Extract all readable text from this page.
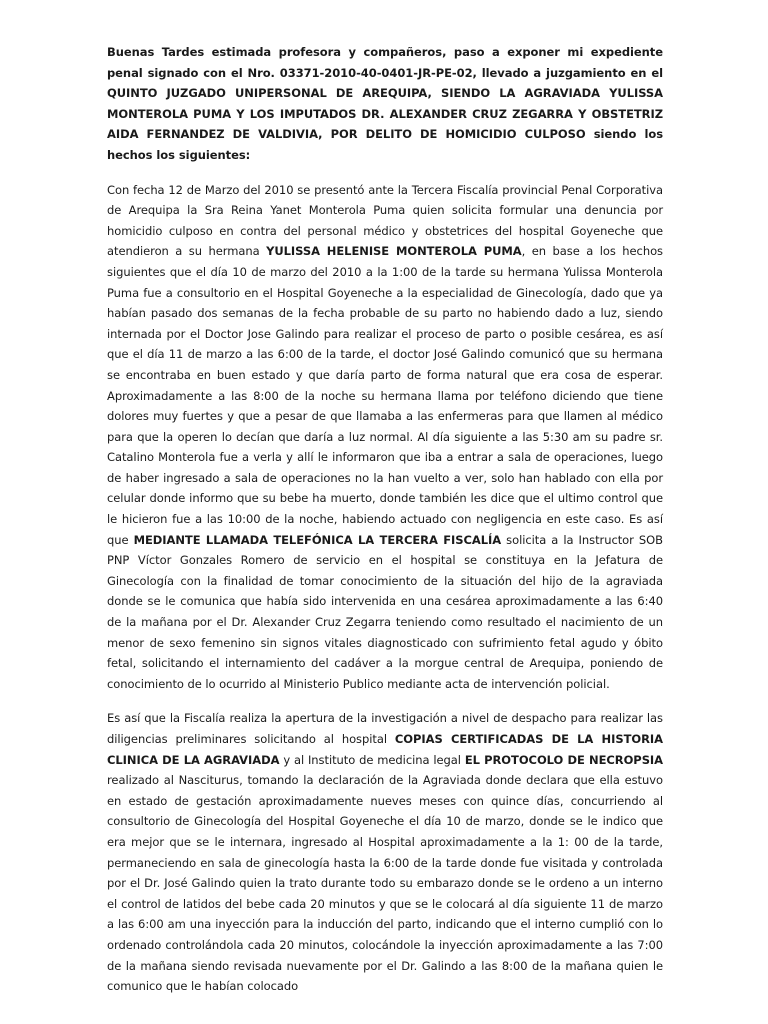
Buenas Tardes estimada profesora y compañeros, paso a exponer mi expediente penal signado con el Nro. 03371-2010-40-0401-JR-PE-02, llevado a juzgamiento en el QUINTO JUZGADO UNIPERSONAL DE AREQUIPA, SIENDO LA AGRAVIADA YULISSA MONTEROLA PUMA Y LOS IMPUTADOS DR. ALEXANDER CRUZ ZEGARRA Y OBSTETRIZ AIDA FERNANDEZ DE VALDIVIA, POR DELITO DE HOMICIDIO CULPOSO siendo los hechos los siguientes:

Con fecha 12 de Marzo del 2010 se presentó ante la Tercera Fiscalía provincial Penal Corporativa de Arequipa la Sra Reina Yanet Monterola Puma quien solicita formular una denuncia por homicidio culposo en contra del personal médico y obstetrices del hospital Goyeneche que atendieron a su hermana YULISSA HELENISE MONTEROLA PUMA, en base a los hechos siguientes que el día 10 de marzo del 2010 a la 1:00 de la tarde su hermana Yulissa Monterola Puma fue a consultorio en el Hospital Goyeneche a la especialidad de Ginecología, dado que ya habían pasado dos semanas de la fecha probable de su parto no habiendo dado a luz, siendo internada por el Doctor Jose Galindo para realizar el proceso de parto o posible cesárea, es así que el día 11 de marzo a las 6:00 de la tarde, el doctor José Galindo comunicó que su hermana se encontraba en buen estado y que daría parto de forma natural que era cosa de esperar. Aproximadamente a las 8:00 de la noche su hermana llama por teléfono diciendo que tiene dolores muy fuertes y que a pesar de que llamaba a las enfermeras para que llamen al médico para que la operen lo decían que daría a luz normal. Al día siguiente a las 5:30 am su padre sr. Catalino Monterola fue a verla y allí le informaron que iba a entrar a sala de operaciones, luego de haber ingresado a sala de operaciones no la han vuelto a ver, solo han hablado con ella por celular donde informo que su bebe ha muerto, donde también les dice que el ultimo control que le hicieron fue a las 10:00 de la noche, habiendo actuado con negligencia en este caso. Es así que MEDIANTE LLAMADA TELEFÓNICA LA TERCERA FISCALÍA solicita a la Instructor SOB PNP Víctor Gonzales Romero de servicio en el hospital se constituya en la Jefatura de Ginecología con la finalidad de tomar conocimiento de la situación del hijo de la agraviada donde se le comunica que había sido intervenida en una cesárea aproximadamente a las 6:40 de la mañana por el Dr. Alexander Cruz Zegarra teniendo como resultado el nacimiento de un menor de sexo femenino sin signos vitales diagnosticado con sufrimiento fetal agudo y óbito fetal, solicitando el internamiento del cadáver a la morgue central de Arequipa, poniendo de conocimiento de lo ocurrido al Ministerio Publico mediante acta de intervención policial.

Es así que la Fiscalía realiza la apertura de la investigación a nivel de despacho para realizar las diligencias preliminares solicitando al hospital COPIAS CERTIFICADAS DE LA HISTORIA CLINICA DE LA AGRAVIADA y al Instituto de medicina legal EL PROTOCOLO DE NECROPSIA realizado al Nasciturus, tomando la declaración de la Agraviada donde declara que ella estuvo en estado de gestación aproximadamente nueves meses con quince días, concurriendo al consultorio de Ginecología del Hospital Goyeneche el día 10 de marzo, donde se le indico que era mejor que se le internara, ingresado al Hospital aproximadamente a la 1: 00 de la tarde, permaneciendo en sala de ginecología hasta la 6:00 de la tarde donde fue visitada y controlada por el Dr. José Galindo quien la trato durante todo su embarazo donde se le ordeno a un interno el control de latidos del bebe cada 20 minutos y que se le colocará al día siguiente 11 de marzo a las 6:00 am una inyección para la inducción del parto, indicando que el interno cumplió con lo ordenado controlándola cada 20 minutos, colocándole la inyección aproximadamente a las 7:00 de la mañana siendo revisada nuevamente por el Dr. Galindo a las 8:00 de la mañana quien le comunico que le habían colocado
